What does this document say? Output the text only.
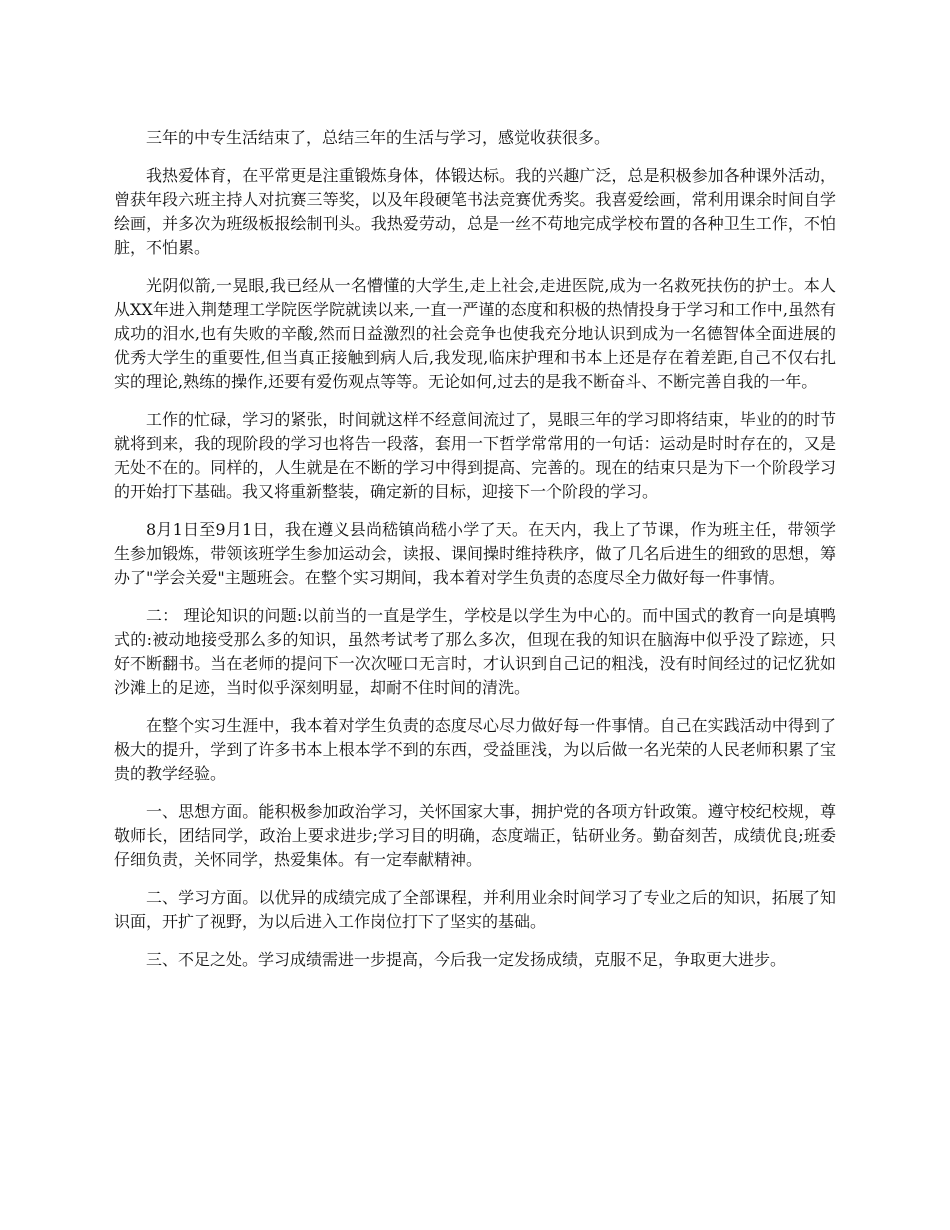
三年的中专生活结束了，总结三年的生活与学习，感觉收获很多。

我热爱体育，在平常更是注重锻炼身体，体锻达标。我的兴趣广泛，总是积极参加各种课外活动，曾获年段六班主持人对抗赛三等奖，以及年段硬笔书法竞赛优秀奖。我喜爱绘画，常利用课余时间自学绘画，并多次为班级板报绘制刊头。我热爱劳动，总是一丝不苟地完成学校布置的各种卫生工作，不怕脏，不怕累。

光阴似箭,一晃眼,我已经从一名懵懂的大学生,走上社会,走进医院,成为一名救死扶伤的护士。本人从XX年进入荆楚理工学院医学院就读以来,一直一严谨的态度和积极的热情投身于学习和工作中,虽然有成功的泪水,也有失败的辛酸,然而日益激烈的社会竞争也使我充分地认识到成为一名德智体全面进展的优秀大学生的重要性,但当真正接触到病人后,我发现,临床护理和书本上还是存在着差距,自己不仅右扎实的理论,熟练的操作,还要有爱伤观点等等。无论如何,过去的是我不断奋斗、不断完善自我的一年。

工作的忙碌，学习的紧张，时间就这样不经意间流过了，晃眼三年的学习即将结束，毕业的的时节就将到来，我的现阶段的学习也将告一段落，套用一下哲学常常用的一句话：运动是时时存在的，又是无处不在的。同样的，人生就是在不断的学习中得到提高、完善的。现在的结束只是为下一个阶段学习的开始打下基础。我又将重新整装，确定新的目标，迎接下一个阶段的学习。

8月1日至9月1日，我在遵义县尚嵇镇尚嵇小学了天。在天内，我上了节课，作为班主任，带领学生参加锻炼，带领该班学生参加运动会，读报、课间操时维持秩序，做了几名后进生的细致的思想，筹办了"学会关爱"主题班会。在整个实习期间，我本着对学生负责的态度尽全力做好每一件事情。

二： 理论知识的问题:以前当的一直是学生，学校是以学生为中心的。而中国式的教育一向是填鸭式的:被动地接受那么多的知识，虽然考试考了那么多次，但现在我的知识在脑海中似乎没了踪迹，只好不断翻书。当在老师的提问下一次次哑口无言时，才认识到自己记的粗浅，没有时间经过的记忆犹如沙滩上的足迹，当时似乎深刻明显，却耐不住时间的清洗。

在整个实习生涯中，我本着对学生负责的态度尽心尽力做好每一件事情。自己在实践活动中得到了极大的提升，学到了许多书本上根本学不到的东西，受益匪浅，为以后做一名光荣的人民老师积累了宝贵的教学经验。

一、思想方面。能积极参加政治学习，关怀国家大事，拥护党的各项方针政策。遵守校纪校规，尊敬师长，团结同学，政治上要求进步;学习目的明确，态度端正，钻研业务。勤奋刻苦，成绩优良;班委仔细负责，关怀同学，热爱集体。有一定奉献精神。

二、学习方面。以优异的成绩完成了全部课程，并利用业余时间学习了专业之后的知识，拓展了知识面，开扩了视野，为以后进入工作岗位打下了坚实的基础。

三、不足之处。学习成绩需进一步提高，今后我一定发扬成绩，克服不足，争取更大进步。
